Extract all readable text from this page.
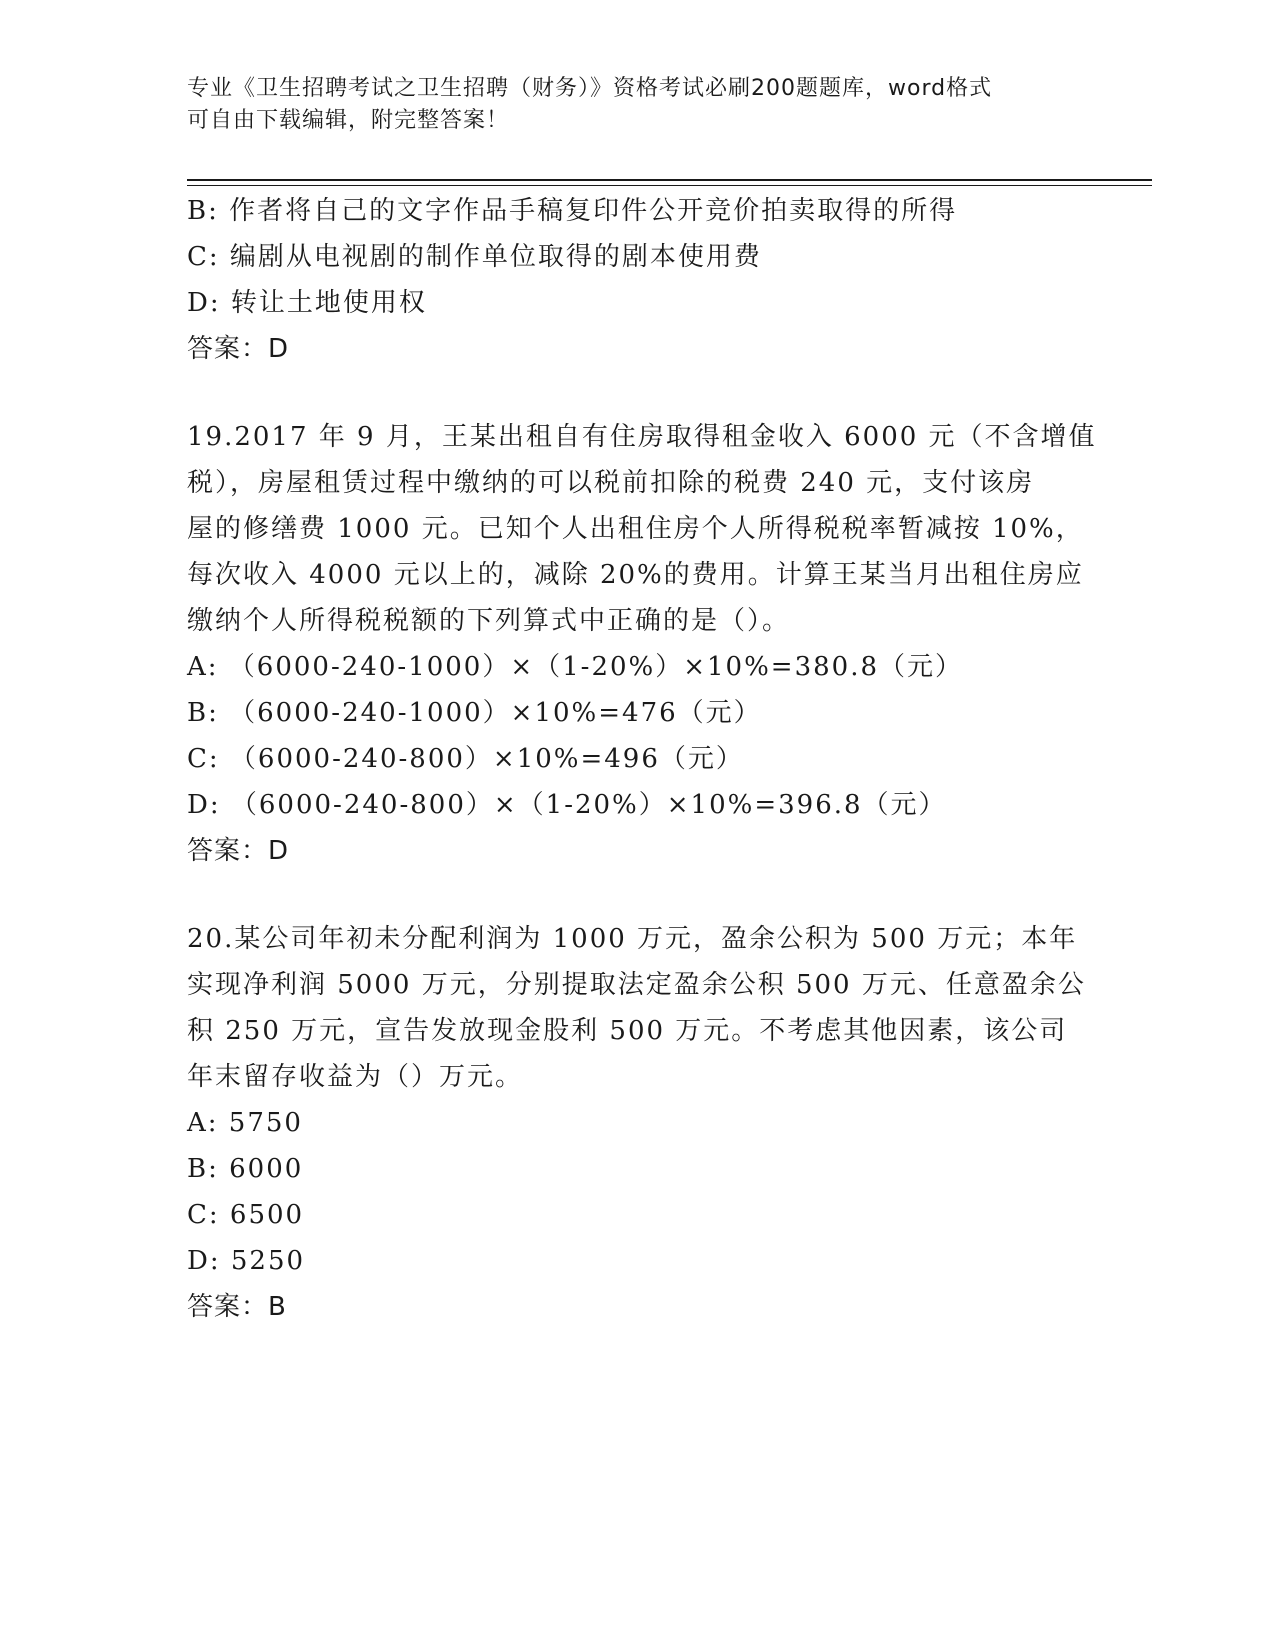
专业《卫生招聘考试之卫生招聘（财务）》资格考试必刷200题题库，word格式
可自由下载编辑，附完整答案！
B: 作者将自己的文字作品手稿复印件公开竞价拍卖取得的所得
C: 编剧从电视剧的制作单位取得的剧本使用费
D: 转让土地使用权
答案：D
19.2017 年 9 月，王某出租自有住房取得租金收入 6000 元（不含增值
税），房屋租赁过程中缴纳的可以税前扣除的税费 240 元，支付该房
屋的修缮费 1000 元。已知个人出租住房个人所得税税率暂减按 10%，
每次收入 4000 元以上的，减除 20%的费用。计算王某当月出租住房应
缴纳个人所得税税额的下列算式中正确的是（）。
A: （6000-240-1000）×（1-20%）×10%=380.8（元）
B: （6000-240-1000）×10%=476（元）
C: （6000-240-800）×10%=496（元）
D: （6000-240-800）×（1-20%）×10%=396.8（元）
答案：D
20.某公司年初未分配利润为 1000 万元，盈余公积为 500 万元；本年
实现净利润 5000 万元，分别提取法定盈余公积 500 万元、任意盈余公
积 250 万元，宣告发放现金股利 500 万元。不考虑其他因素，该公司
年末留存收益为（）万元。
A: 5750
B: 6000
C: 6500
D: 5250
答案：B
